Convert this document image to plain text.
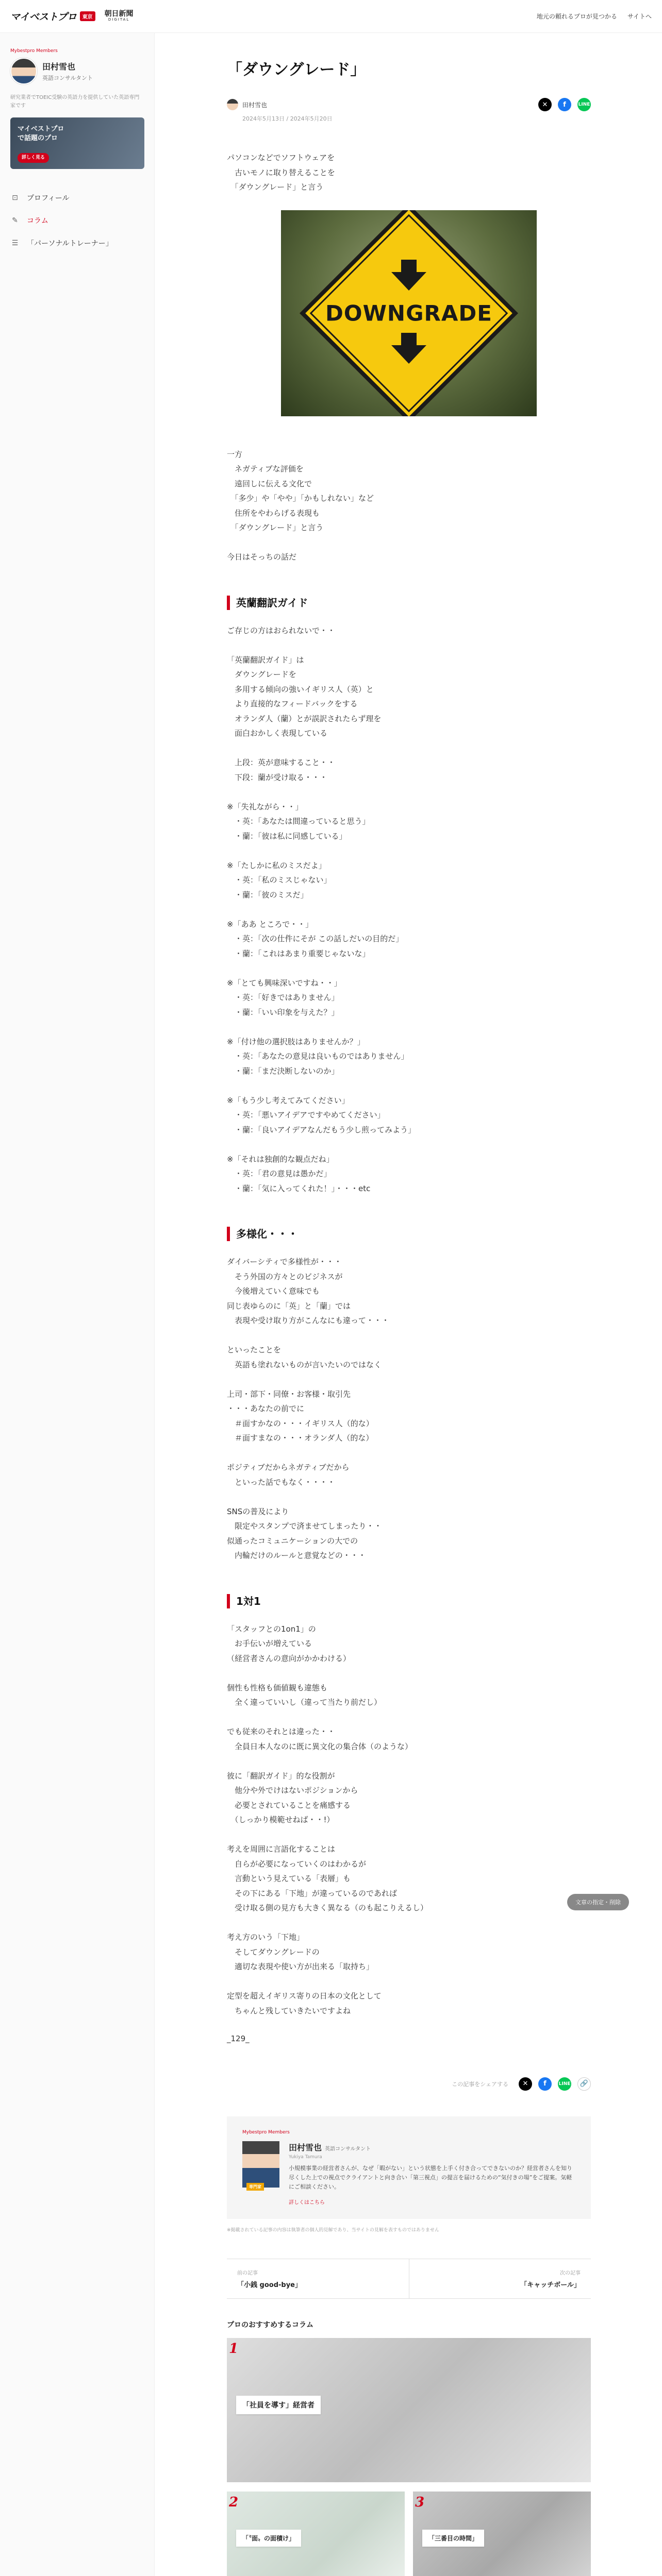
マイベストプロ	東京	朝日新聞
DIGITAL	地元の頼れるプロが見つかる サイトへ
Mybestpro Members
田村雪也
英語コンサルタント
研究業者でTOEIC受験の英語力を提供していた英語専門家です
マイベストプロ
で話題のプロ
詳しく見る
⊡ プロフィール
✎ コラム
☰ 「パーソナルトレーナー」
「ダウングレード」
田村雪也	✕	f	LINE
2024年5月13日 / 2024年5月20日

パソコンなどでソフトウェアを
　古いモノに取り替えることを
　「ダウングレード」と言う

DOWNGRADE

一方
　ネガティブな評価を
　遠回しに伝える文化で
　「多少」や「やや」「かもしれない」など
　住所をやわらげる表現も
　「ダウングレード」と言う

今日はそっちの話だ

英蘭翻訳ガイド

ご存じの方はおられないで・・

「英蘭翻訳ガイド」は
　ダウングレードを
　多用する傾向の強いイギリス人（英）と
　より直接的なフィードバックをする
　オランダ人（蘭）とが誤訳されたらず理を
　面白おかしく表現している

　上段：英が意味すること・・
　下段：蘭が受け取る・・・

※「失礼ながら・・」
　・英：「あなたは間違っていると思う」
　・蘭：「彼は私に同感している」

※「たしかに私のミスだよ」
　・英：「私のミスじゃない」
　・蘭：「彼のミスだ」

※「ああ ところで・・」
　・英：「次の仕件にそが この話しだいの目的だ」
　・蘭：「これはあまり重要じゃないな」

※「とても興味深いですね・・」
　・英：「好きではありません」
　・蘭：「いい印象を与えた？」

※「付け他の選択肢はありませんか？」
　・英：「あなたの意見は良いものではありません」
　・蘭：「まだ決断しないのか」

※「もう少し考えてみてください」
　・英：「悪いアイデアですやめてください」
　・蘭：「良いアイデアなんだもう少し煎ってみよう」

※「それは独創的な観点だね」
　・英：「君の意見は愚かだ」
　・蘭：「気に入ってくれた！」・・・etc

多様化・・・

ダイバーシティで多様性が・・・
　そう外国の方々とのビジネスが
　今後増えていく意味でも
同じ表ゆらのに「英」と「蘭」では
　表現や受け取り方がこんなにも違って・・・

といったことを
　英語も塗れないものが言いたいのではなく

上司・部下・同僚・お客様・取引先
・・・あなたの前でに
　＃面すかなの・・・イギリス人（的な）
　＃面すまなの・・・オランダ人（的な）

ポジティブだからネガティブだから
　といった話でもなく・・・・

SNSの普及により
　限定やスタンプで済ませてしまったり・・
似通ったコミュニケーションの大での
　内輪だけのルールと意覚などの・・・

1対1

「スタッフとの1on1」の
　お手伝いが増えている
（経営者さんの意向がかかわける）

個性も性格も価値観も違態も
　全く違っていいし（違って当たり前だし）

でも従来のそれとは違った・・
　全員日本人なのに既に異文化の集合体（のような）

彼に「翻訳ガイド」的な役割が
　他分や外でけはないポジションから
　必要とされていることを痛感する
　（しっかり模範せねば・・!）

考えを周囲に言語化することは
　自らが必要になっていくのはわかるが
　言動という見えている「表層」も
　その下にある「下地」が違っているのであれば
　受け取る側の見方も大きく異なる（のも起こりえるし）

考え方のいう「下地」
　そしてダウングレードの
　適切な表現や使い方が出来る「取持ち」

定型を超えイギリス寄りの日本の文化として
　ちゃんと残していきたいですよね

_129_

この記事をシェアする	✕	f	LINE	🔗
Mybestpro Members
専門家
田村雪也 英語コンサルタント
Yukiya Tamura
小規模事業の経営者さんが、なぜ「暇がない」という状態を上手く付き合ってできないのか？経営者さんを知り尽くした上での視点でクライアントと向き合い「第三視点」の提言を届けるための“気付きの場”をご提案。気軽にご相談ください。
詳しくはこちら
※掲載されている記事の内容は執筆者の個人的見解であり、当サイトの見解を表すものではありません
前の記事
「小銭 good-bye」
次の記事
「キャッチボール」
プロのおすすめするコラム
1
「社員を導す」経営者
2
「〝面〟の面積け」
3
「三番目の時間」
文章の指定・削除
